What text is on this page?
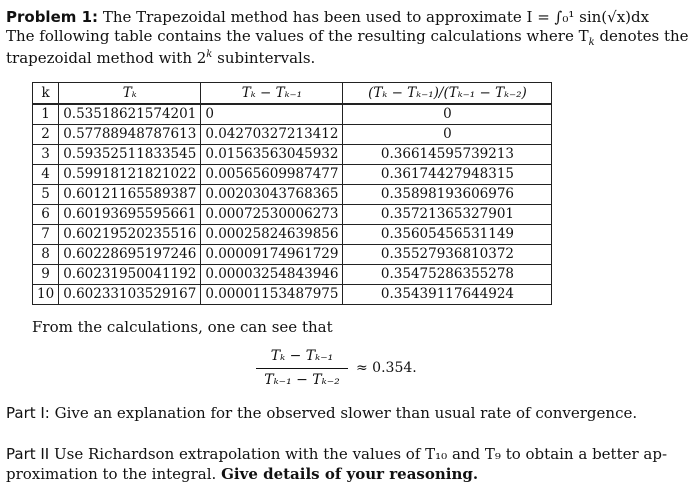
Problem 1: The Trapezoidal method has been used to approximate I = ∫₀¹ sin(√x)dx
The following table contains the values of the resulting calculations where $T_k$ denotes the
trapezoidal method with 2$^k$ subintervals.
k	Tₖ	Tₖ − Tₖ₋₁	(Tₖ − Tₖ₋₁)/(Tₖ₋₁ − Tₖ₋₂)
1	0.53518621574201	0	0
2	0.57788948787613	0.04270327213412	0
3	0.59352511833545	0.01563563045932	0.36614595739213
4	0.59918121821022	0.00565609987477	0.36174427948315
5	0.60121165589387	0.00203043768365	0.35898193606976
6	0.60193695595661	0.00072530006273	0.35721365327901
7	0.60219520235516	0.00025824639856	0.35605456531149
8	0.60228695197246	0.00009174961729	0.35527936810372
9	0.60231950041192	0.00003254843946	0.35475286355278
10	0.60233103529167	0.00001153487975	0.35439117644924
From the calculations, one can see that
Tₖ − Tₖ₋₁
Tₖ₋₁ − Tₖ₋₂
≈ 0.354.
Part I: Give an explanation for the observed slower than usual rate of convergence.
Part II Use Richardson extrapolation with the values of T₁₀ and T₉ to obtain a better ap-
proximation to the integral. Give details of your reasoning.
